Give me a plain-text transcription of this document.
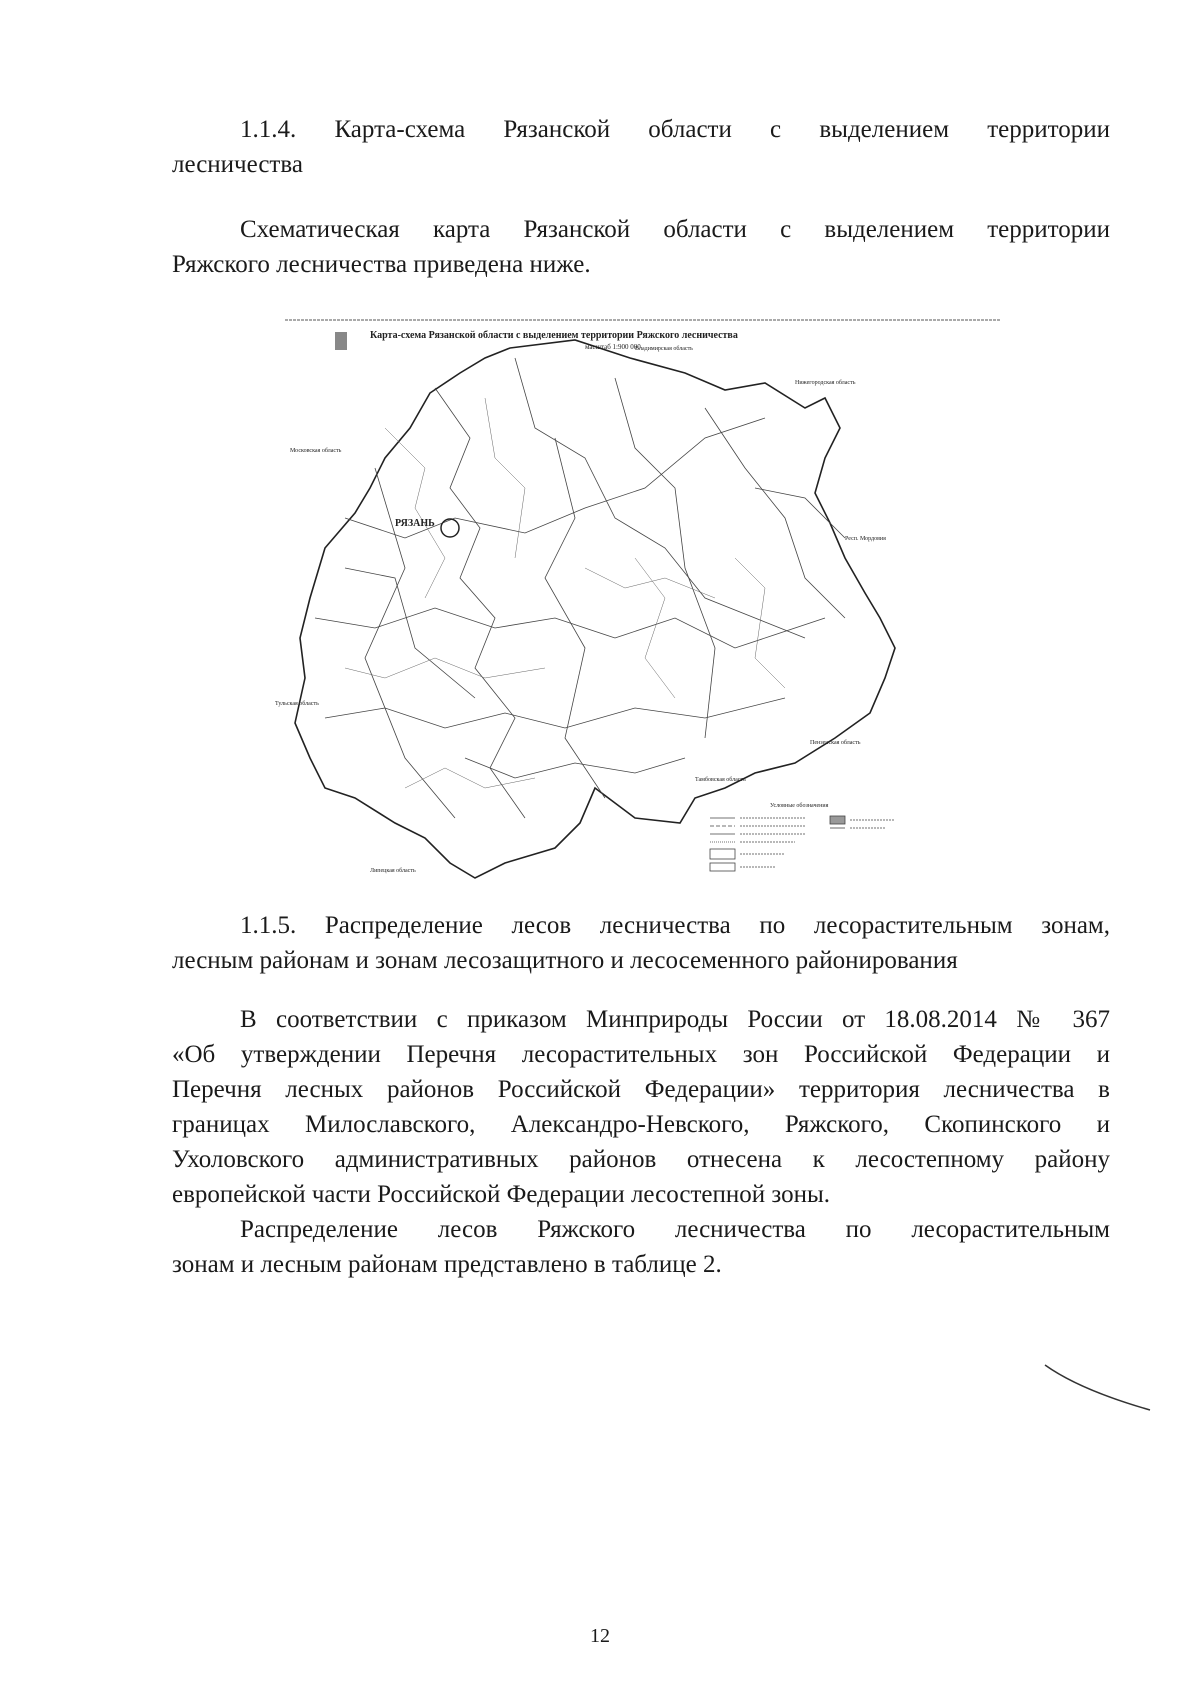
1.1.4. Карта-схема Рязанской области с выделением территории
лесничества
Схематическая карта Рязанской области с выделением территории
Ряжского лесничества приведена ниже.
Карта-схема Рязанской области с выделением территории Ряжского лесничества
масштаб 1:900 000
РЯЗАНЬ
Владимирская область
Нижегородская область
Московская область
Респ. Мордовия
Тульская область
Пензенская область
Тамбовская область
Липецкая область
Условные обозначения
1.1.5. Распределение лесов лесничества по лесорастительным зонам,
лесным районам и зонам лесозащитного и лесосеменного районирования
В соответствии с приказом Минприроды России от 18.08.2014 № 367
«Об утверждении Перечня лесорастительных зон Российской Федерации и
Перечня лесных районов Российской Федерации» территория лесничества в
границах Милославского, Александро-Невского, Ряжского, Скопинского и
Ухоловского административных районов отнесена к лесостепному району
европейской части Российской Федерации лесостепной зоны.
Распределение лесов Ряжского лесничества по лесорастительным
зонам и лесным районам представлено в таблице 2.
12
